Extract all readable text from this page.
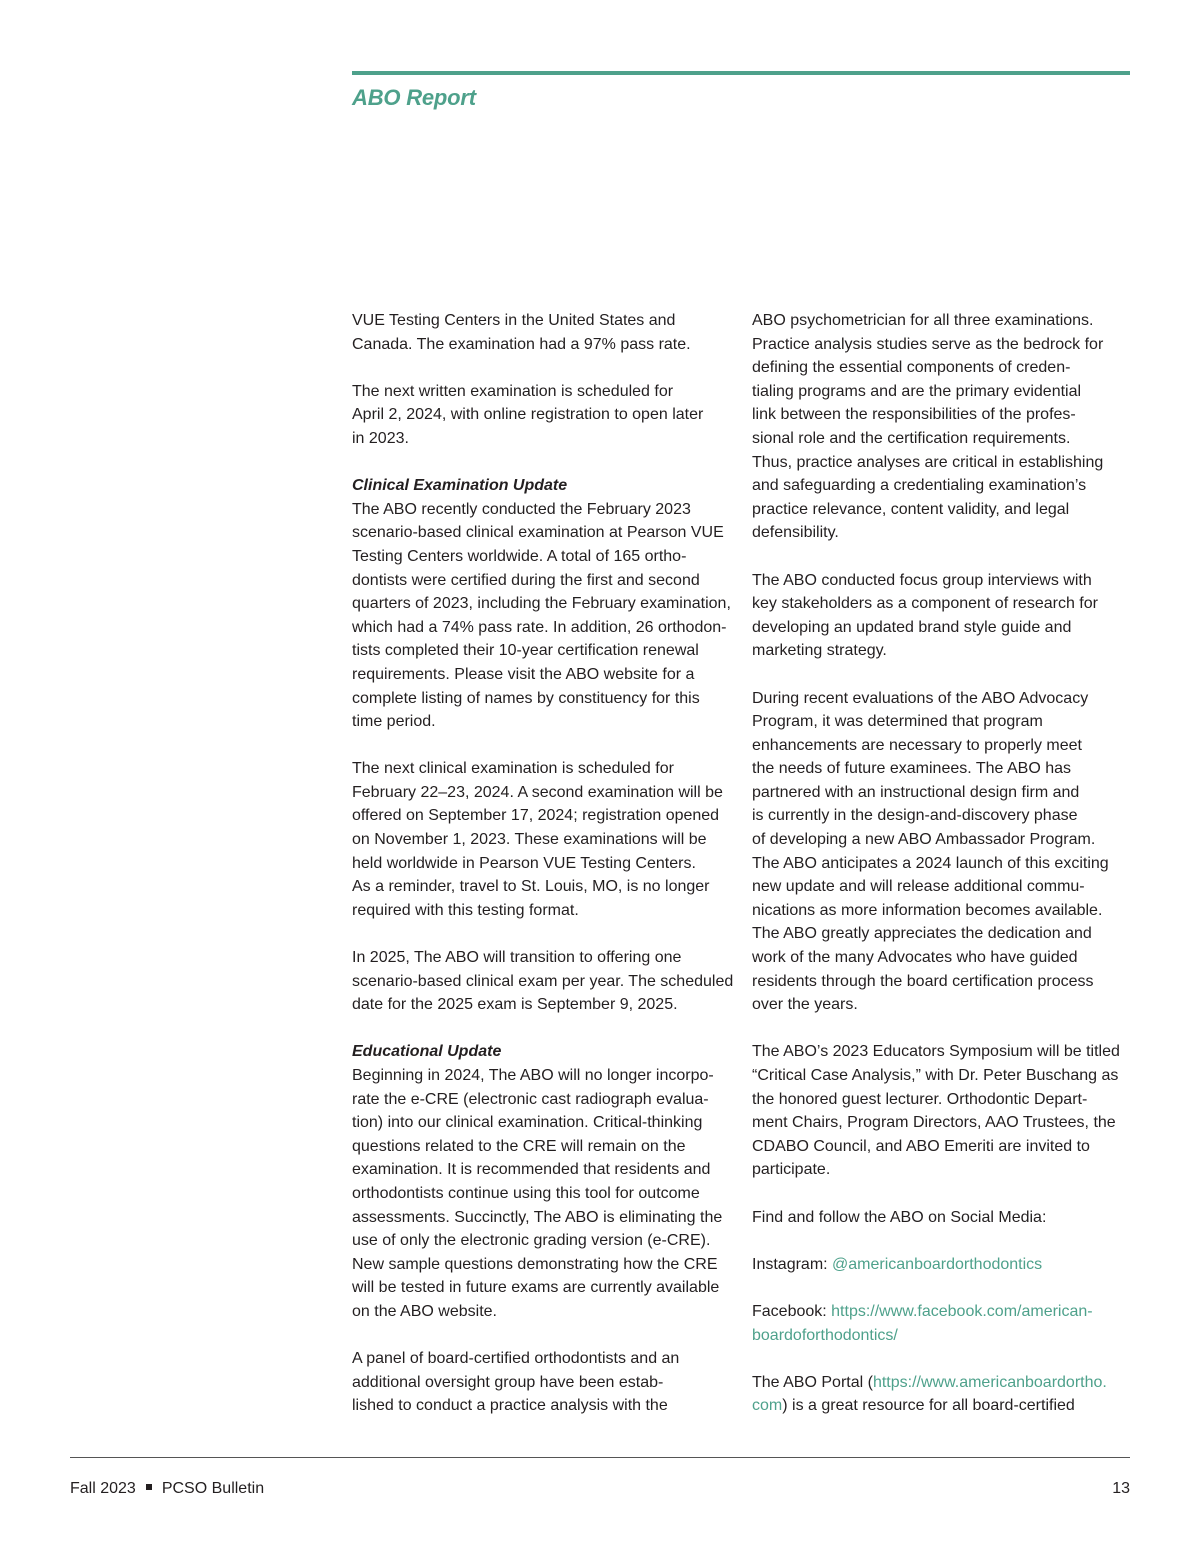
ABO Report

VUE Testing Centers in the United States and
Canada. The examination had a 97% pass rate.

The next written examination is scheduled for
April 2, 2024, with online registration to open later
in 2023.

Clinical Examination Update

The ABO recently conducted the February 2023
scenario-based clinical examination at Pearson VUE
Testing Centers worldwide. A total of 165 ortho-
dontists were certified during the first and second
quarters of 2023, including the February examination,
which had a 74% pass rate. In addition, 26 orthodon-
tists completed their 10-year certification renewal
requirements. Please visit the ABO website for a
complete listing of names by constituency for this
time period.

The next clinical examination is scheduled for
February 22–23, 2024. A second examination will be
offered on September 17, 2024; registration opened
on November 1, 2023. These examinations will be
held worldwide in Pearson VUE Testing Centers.
As a reminder, travel to St. Louis, MO, is no longer
required with this testing format.

In 2025, The ABO will transition to offering one
scenario-based clinical exam per year. The scheduled
date for the 2025 exam is September 9, 2025.

Educational Update

Beginning in 2024, The ABO will no longer incorpo-
rate the e-CRE (electronic cast radiograph evalua-
tion) into our clinical examination. Critical-thinking
questions related to the CRE will remain on the
examination. It is recommended that residents and
orthodontists continue using this tool for outcome
assessments. Succinctly, The ABO is eliminating the
use of only the electronic grading version (e-CRE).
New sample questions demonstrating how the CRE
will be tested in future exams are currently available
on the ABO website.

A panel of board-certified orthodontists and an
additional oversight group have been estab-
lished to conduct a practice analysis with the

ABO psychometrician for all three examinations.
Practice analysis studies serve as the bedrock for
defining the essential components of creden-
tialing programs and are the primary evidential
link between the responsibilities of the profes-
sional role and the certification requirements.
Thus, practice analyses are critical in establishing
and safeguarding a credentialing examination’s
practice relevance, content validity, and legal
defensibility.

The ABO conducted focus group interviews with
key stakeholders as a component of research for
developing an updated brand style guide and
marketing strategy.

During recent evaluations of the ABO Advocacy
Program, it was determined that program
enhancements are necessary to properly meet
the needs of future examinees. The ABO has
partnered with an instructional design firm and
is currently in the design-and-discovery phase
of developing a new ABO Ambassador Program.
The ABO anticipates a 2024 launch of this exciting
new update and will release additional commu-
nications as more information becomes available.
The ABO greatly appreciates the dedication and
work of the many Advocates who have guided
residents through the board certification process
over the years.

The ABO’s 2023 Educators Symposium will be titled
“Critical Case Analysis,” with Dr. Peter Buschang as
the honored guest lecturer. Orthodontic Depart-
ment Chairs, Program Directors, AAO Trustees, the
CDABO Council, and ABO Emeriti are invited to
participate.

Find and follow the ABO on Social Media:

Instagram: @americanboardorthodontics

Facebook: https://www.facebook.com/american-
boardoforthodontics/

The ABO Portal (https://www.americanboardortho.
com) is a great resource for all board-certified

Fall 2023 PCSO Bulletin	13
